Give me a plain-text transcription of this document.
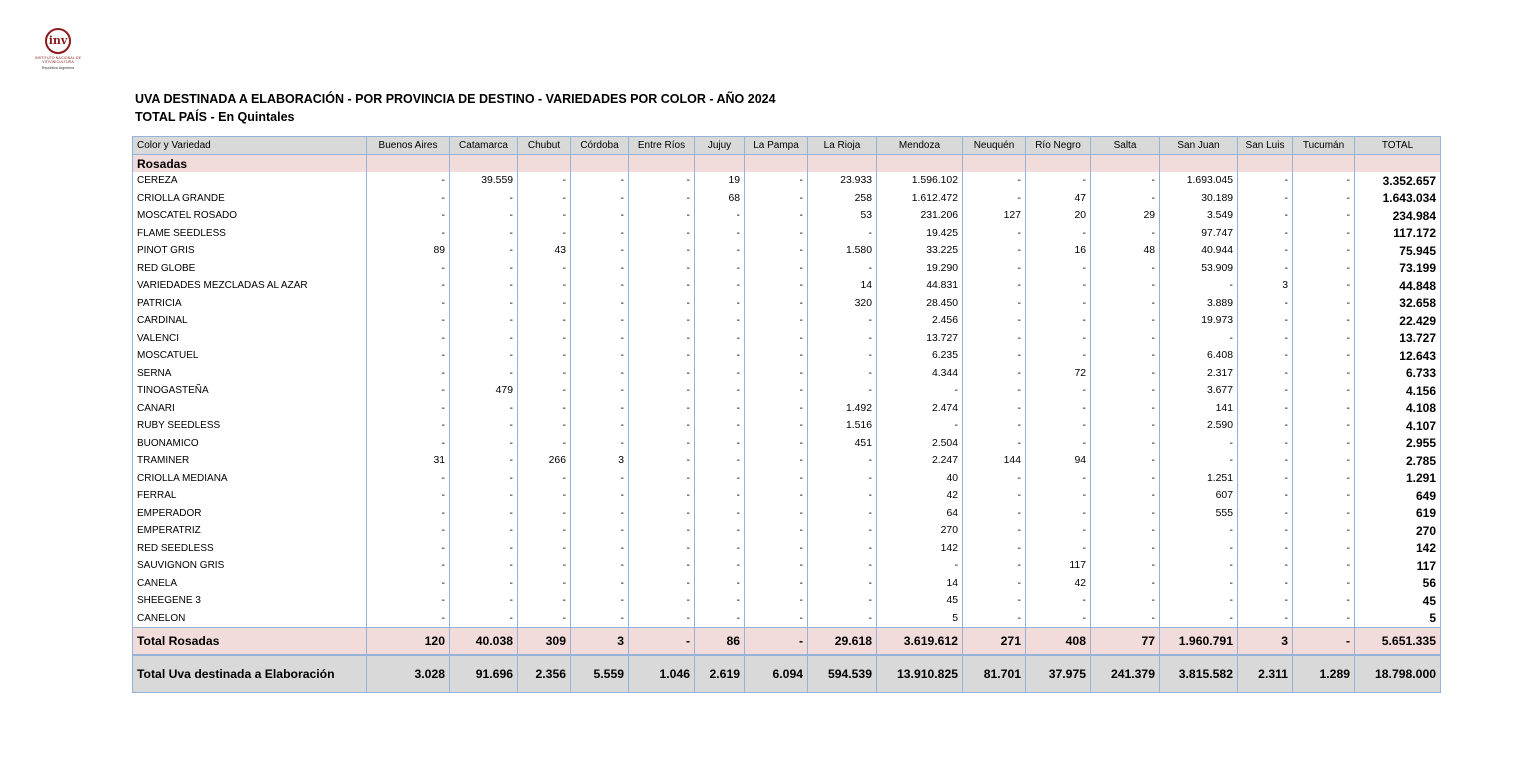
inv
INSTITUTO NACIONAL DE VITIVINICULTURA
República Argentina
UVA DESTINADA A ELABORACIÓN - POR PROVINCIA DE DESTINO - VARIEDADES POR COLOR - AÑO 2024
TOTAL PAÍS - En Quintales
Color y Variedad	Buenos Aires	Catamarca	Chubut	Córdoba	Entre Ríos	Jujuy	La Pampa	La Rioja	Mendoza	Neuquén	Río Negro	Salta	San Juan	San Luis	Tucumán	TOTAL
Rosadas																
CEREZA	-	39.559	-	-	-	19	-	23.933	1.596.102	-	-	-	1.693.045	-	-	3.352.657
CRIOLLA GRANDE	-	-	-	-	-	68	-	258	1.612.472	-	47	-	30.189	-	-	1.643.034
MOSCATEL ROSADO	-	-	-	-	-	-	-	53	231.206	127	20	29	3.549	-	-	234.984
FLAME SEEDLESS	-	-	-	-	-	-	-	-	19.425	-	-	-	97.747	-	-	117.172
PINOT GRIS	89	-	43	-	-	-	-	1.580	33.225	-	16	48	40.944	-	-	75.945
RED GLOBE	-	-	-	-	-	-	-	-	19.290	-	-	-	53.909	-	-	73.199
VARIEDADES MEZCLADAS AL AZAR	-	-	-	-	-	-	-	14	44.831	-	-	-	-	3	-	44.848
PATRICIA	-	-	-	-	-	-	-	320	28.450	-	-	-	3.889	-	-	32.658
CARDINAL	-	-	-	-	-	-	-	-	2.456	-	-	-	19.973	-	-	22.429
VALENCI	-	-	-	-	-	-	-	-	13.727	-	-	-	-	-	-	13.727
MOSCATUEL	-	-	-	-	-	-	-	-	6.235	-	-	-	6.408	-	-	12.643
SERNA	-	-	-	-	-	-	-	-	4.344	-	72	-	2.317	-	-	6.733
TINOGASTEÑA	-	479	-	-	-	-	-	-	-	-	-	-	3.677	-	-	4.156
CANARI	-	-	-	-	-	-	-	1.492	2.474	-	-	-	141	-	-	4.108
RUBY SEEDLESS	-	-	-	-	-	-	-	1.516	-	-	-	-	2.590	-	-	4.107
BUONAMICO	-	-	-	-	-	-	-	451	2.504	-	-	-	-	-	-	2.955
TRAMINER	31	-	266	3	-	-	-	-	2.247	144	94	-	-	-	-	2.785
CRIOLLA MEDIANA	-	-	-	-	-	-	-	-	40	-	-	-	1.251	-	-	1.291
FERRAL	-	-	-	-	-	-	-	-	42	-	-	-	607	-	-	649
EMPERADOR	-	-	-	-	-	-	-	-	64	-	-	-	555	-	-	619
EMPERATRIZ	-	-	-	-	-	-	-	-	270	-	-	-	-	-	-	270
RED SEEDLESS	-	-	-	-	-	-	-	-	142	-	-	-	-	-	-	142
SAUVIGNON GRIS	-	-	-	-	-	-	-	-	-	-	117	-	-	-	-	117
CANELA	-	-	-	-	-	-	-	-	14	-	42	-	-	-	-	56
SHEEGENE 3	-	-	-	-	-	-	-	-	45	-	-	-	-	-	-	45
CANELON	-	-	-	-	-	-	-	-	5	-	-	-	-	-	-	5
Total Rosadas	120	40.038	309	3	-	86	-	29.618	3.619.612	271	408	77	1.960.791	3	-	5.651.335
Total Uva destinada a Elaboración	3.028	91.696	2.356	5.559	1.046	2.619	6.094	594.539	13.910.825	81.701	37.975	241.379	3.815.582	2.311	1.289	18.798.000
